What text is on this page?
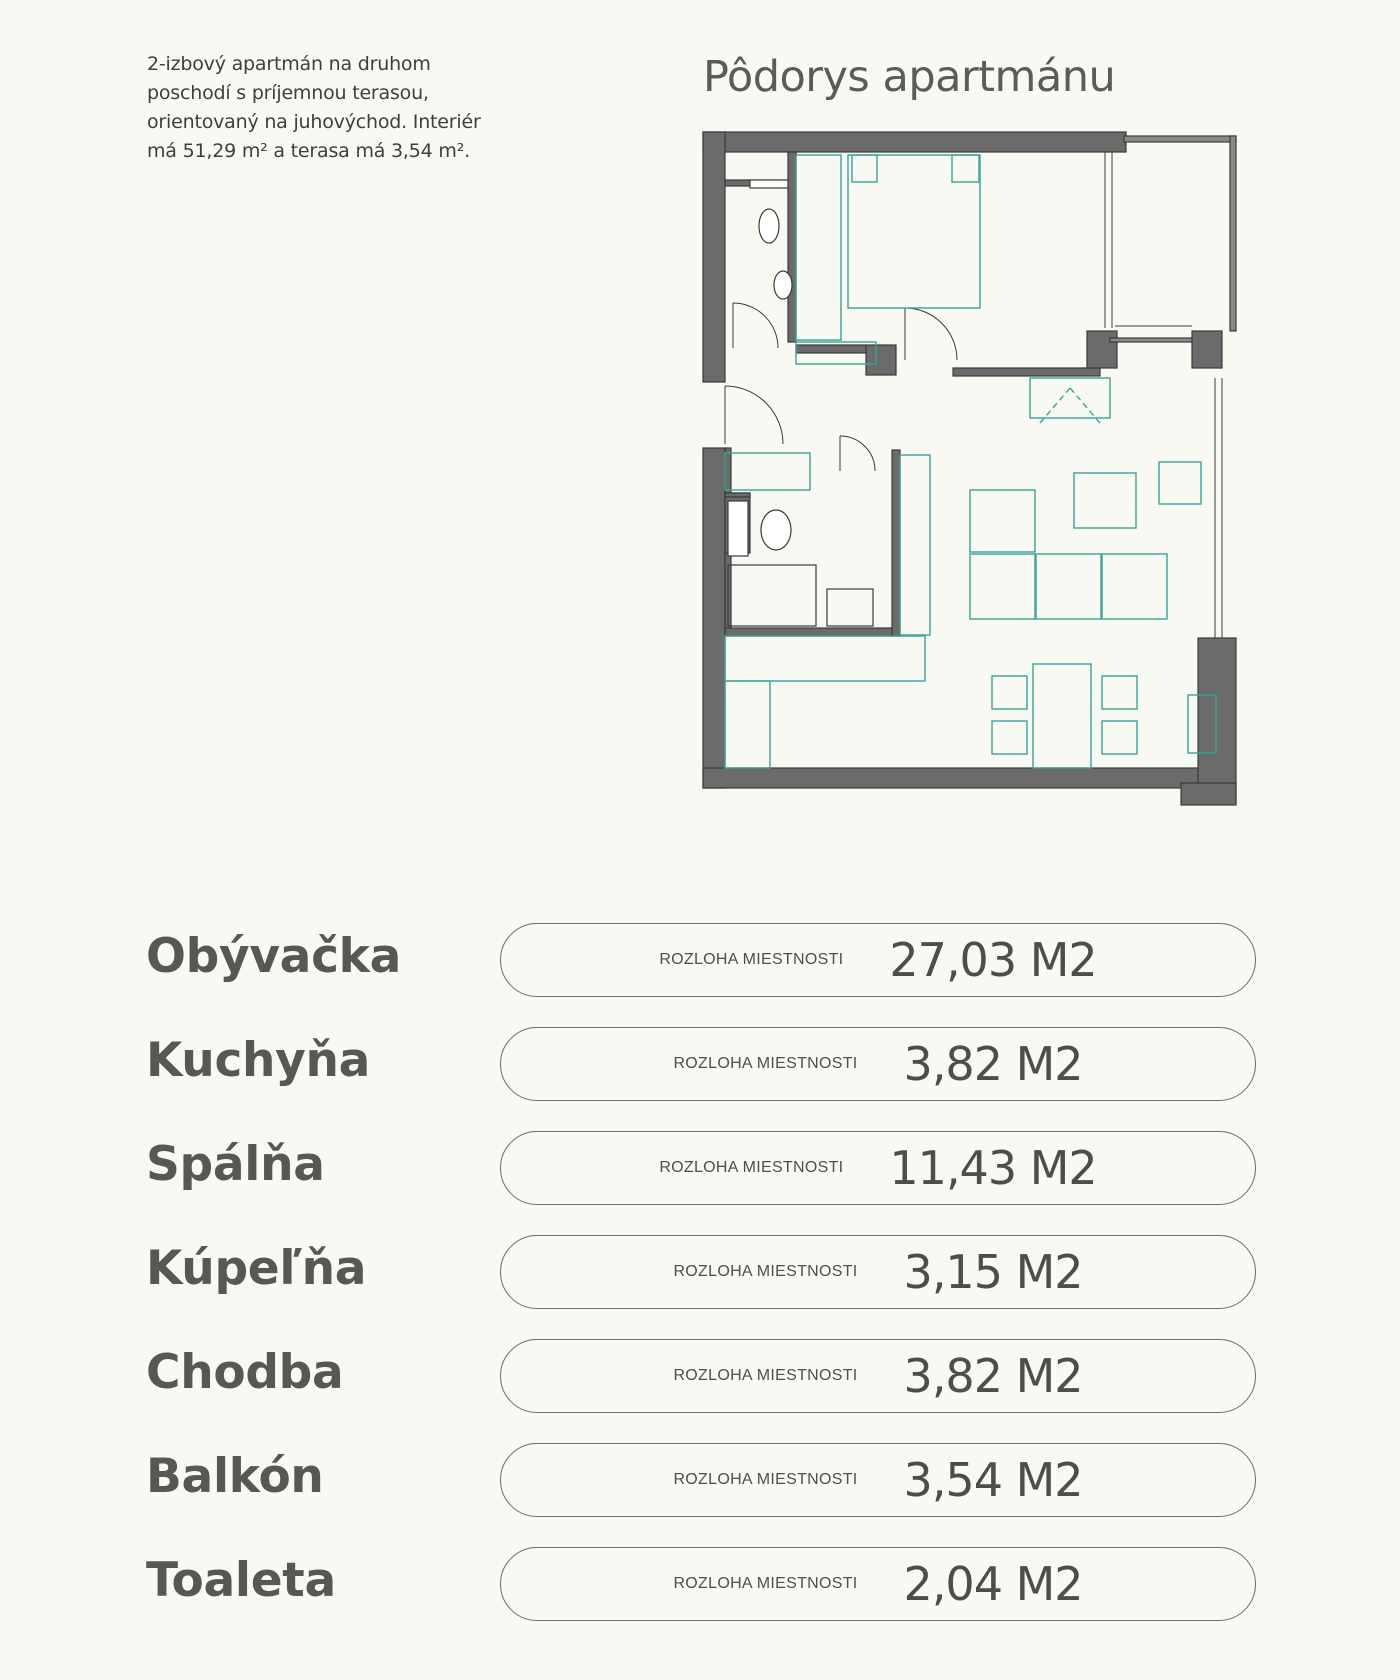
2-izbový apartmán na druhom
poschodí s príjemnou terasou,
orientovaný na juhovýchod. Interiér
má 51,29 m² a terasa má 3,54 m².
Pôdorys apartmánu
Obývačka	ROZLOHA MIESTNOSTI 27,03 M2
Kuchyňa	ROZLOHA MIESTNOSTI 3,82 M2
Spálňa	ROZLOHA MIESTNOSTI 11,43 M2
Kúpeľňa	ROZLOHA MIESTNOSTI 3,15 M2
Chodba	ROZLOHA MIESTNOSTI 3,82 M2
Balkón	ROZLOHA MIESTNOSTI 3,54 M2
Toaleta	ROZLOHA MIESTNOSTI 2,04 M2
